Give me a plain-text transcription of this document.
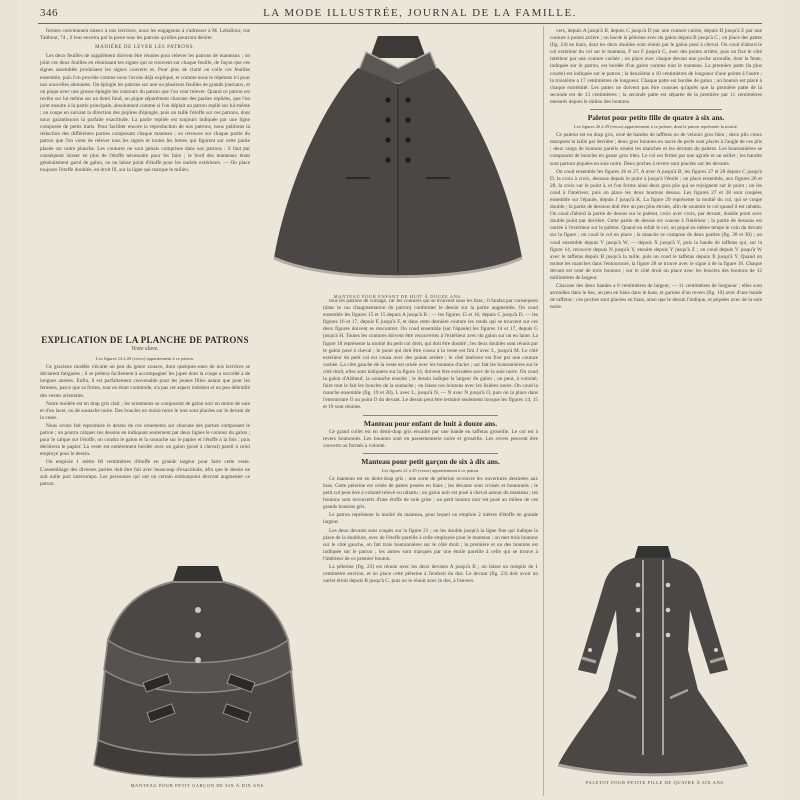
346	LA MODE ILLUSTRÉE, JOURNAL DE LA FAMILLE.

formes conviennent mieux à nos lectrices, nous les engageons à s'adresser à M. Leballour, rue Taitbout, 74 ; il leur enverra par la poste tous les patrons qu'elles pourront désirer.

MANIÈRE DE LEVER LES PATRONS.

Les deux feuilles de supplément doivent être réunies pour relever les patrons de manteaux ; on joint ces deux feuilles en réunissant les signes qui se trouvent sur chaque feuille, de façon que ces signes assemblés produisent les signes couverts et. Pour plus de clarté on colle ces feuilles ensemble, puis l'on procède comme nous l'avons déjà expliqué, et comme nous le répétons ici pour nos nouvelles abonnées. On épingle les patrons sur une ou plusieurs feuilles de grands journaux, et on pique avec une grosse épingle les contours du patron que l'on veut relever. Quand ce patron est revêtu sur lui-même sur un demi fond, on pique séparément chacune des parties repliées, que l'on joint ensuite à la partie principale, absolument comme si l'on déplait un patron replié sur lui-même ; on coupe en suivant la direction des piqûres d'épingle, puis on taille l'étoffe sur ces patrons, dont nous garantissons la parfaite exactitude. La partie repliée est toujours indiquée par une ligne composée de petits traits. Pour faciliter encore la reproduction de nos patrons, nous publions la réduction des différentes parties composant chaque manteau ; on retrouve sur chaque partie du patron que l'on vient de relever tous les signes et toutes les lettres qui figurent sur cette partie placée sur notre planche. Les coutures ne sont jamais comprises dans nos patrons : il faut par conséquent laisser en plus de l'étoffe nécessaire pour les faire ; le bord des manteaux étant généralement garni de galon, on ne laisse point d'étoffe pour les ourlets extérieurs. — On place toujours l'étoffe doublée, en droit fil, sur la ligne qui marque le milieu.

MANTEAU POUR ENFANT DE HUIT À DOUZE ANS.
EXPLICATION DE LA PLANCHE DE PATRONS
Veste slave.
Les figures 14 à 20 (verso) appartiennent à ce patron.

Ce gracieux modèle s'écarte un peu du genre zouave, dont quelques-unes de nos lectrices se déclarent fatiguées ; il se prêtera facilement à accompagner les jupes dont la coupe a succédé à de longues années. Enfin, il est parfaitement convenable pour les jeunes filles autant que pour les femmes, parce que sa forme, tout en étant commode, n'a pas cet aspect indolent et un peu débraillé des vestes orientales.

Notre modèle est en drap gris clair ; les ornements se composent de galon noir en moire de soie et d'un lacet, ou de soutache noire. Des boucles en moire noire le tout sont placées sur le devant de la veste.

Nous avons fait reproduire le dessin de ces ornements sur chacune des parties composant le patron ; on pourra calquer ces dessins en indiquant seulement par deux lignes le contour du galon ; pour le calque sur l'étoffe, on coudra le galon et la soutache sur le papier et l'étoffe à la fois ; puis déchirera le papier. La veste est entièrement bordée avec un galon (posé à cheval) pareil à celui employé pour le dessin.

On emploie 1 mètre 60 centimètres d'étoffe en grande largeur pour faire cette veste. L'assemblage des diverses parties doit être fait avec beaucoup d'exactitude, afin que le dessin ne soit nulle part interrompu. Les personnes qui ont un certain embonpoint devront augmenter ce patron.

MANTEAU POUR PETIT GARÇON DE SIX À DIX ANS.

tous les patrons de corsage, car les coutures qui se trouvent sous les bras ; il faudra par conséquent (dans le cas d'augmentation du patron) conformer le dessin sur la partie augmentée. On coud ensemble les figures 15 et 15 depuis A jusqu'à B ; — les figures 15 et 16, depuis C jusqu'à D, — les figures 16 et 17, depuis E jusqu'à F, et dans cette dernière couture les ronds qui se trouvent sur ces deux figures doivent se rencontrer. On coud ensemble (sur l'épaule) les figures 14 et 17, depuis G jusqu'à H. Toutes les coutures doivent être recouvertes à l'extérieur avec du galon sur un en laine. La figure 18 représente la moitié du petit col droit, qui doit être doublé ; les deux doubles sont réunis par le galon posé à cheval ; le point qui doit être cousu à la veste est fini J avec L, jusqu'à M. Le côté extérieur du petit col est cousu avec des points arrière ; le côté intérieur est fixé par une couture cachée. La côte gauche de la veste est ornée avec les boutons d'acier ; sur fait les boutonnières sur le côté droit, elles sont indiquées sur la figure 14, doivent être exécutées avec de la soie noire. On coud la galon d'Alsbeuf, la soutache ensuite ; le dessin indique la largeur du galon ; on peut, à volonté, faire tout le fait les boucles de la soutache ; on laisse ces boutons avec les lisières nores. On coud la manche ensemble (fig. 19 et 20), L avec L, jusqu'à N, — N avec N jusqu'à O, puis on la place dans l'entournure O au point O du devant. Le dessin peut être terminé seulement lorsque les figures 14, 15 et 19 sont réunies.

Manteau pour enfant de huit à douze ans.

Ce grand collet est en demi-drap gris encadré par une bande en taffetas groseille. Le col est à revers boutonnés. Les boutons sont en passementerie noire et groseille. Les revers peuvent être couverts ou formés à volonté.

Manteau pour petit garçon de six à dix ans.
Les figures 21 à 25 (verso) appartiennent à ce patron.

Ce manteau est en demi-drap gris ; une sorte de pèlerine recouvre les ouvertures destinées aux bras. Cette pèlerine est ornée de pattes posées en biais ; les devants sont croisés et boutonnés ; le petit col peut être à volonté relevé ou rabattu ; un galon noir est posé à cheval autour du manteau ; les boutons sont recouverts d'une étoffe de soie grise ; un petit bouton noir est posé au milieu de ces grands boutons gris.

Le patron représente la moitié du manteau, pour lequel on emploie 2 mètres d'étoffe en grande largeur.

Les deux devants sont coupés sur la figure 21 ; on les double jusqu'à la ligne fine qui indique la place de la doublure, avec de l'étoffe pareille à celle employée pour le manteau ; on met trois boutons sur le côté gauche, on fait trois boutonnières sur le côté droit ; la première et un des boutons est indiquée sur le patron ; les autres sont marqués par une étoile pareille à celle qui se trouve à l'intérieur de ce premier bouton.

La pèlerine (fig. 23) est réunie avec les deux devants A jusqu'à B ; on laisse un remplis de 1 centimètre environ, et on place cette pèlerine à l'endroit du dos. Le devant (fig. 23) doit avoir un ourlet étroit depuis B jusqu'à C, puis on le réunit avec le dos, à l'envers.

vers, depuis A jusqu'à B, depuis C jusqu'à D par une couture carrée, depuis D jusqu'à E par une couture à points arrière ; on borde la pèlerine avec du galon depuis B jusqu'à C ; on place des pattes (fig. 24) en biais, dont les deux doubles sont réunis par le galon posé à cheval. On coud d'abord le col extérieur du col sur le manteau, F sur F jusqu'à G, avec des points arrière, puis on fixe le côté intérieur par une couture cachée ; on place avec chaque devant une poche arrondie, dont la fente, indiquée sur le patron, est bordée d'un galon comme tout le manteau. La première patte (la plus courte) est indiquée sur le patron ; la deuxième a 10 centimètres de longueur d'une pointe à l'autre ; la troisième a 17 centimètres de longueur. Chaque patte est bordée de galon ; un bouton est placé à chaque extrémité. Les pattes ne doivent pas être cousues qu'après que la première patte de la seconde est de 13 centimètres ; la seconde patte est séparée de la première par 11 centimètres mesurés depuis le milieu des boutons.

Paletot pour petite fille de quatre à six ans.
Les figures 26 à 29 (verso) appartiennent à ce paletot, dont le patron représente la moitié.

Ce paletot est en drap gris, orné de bandes de taffetas ou de velours gros bleu ; deux plis creux marquent la taille par derrière ; deux gros boutons en nacre de perle sont placés à l'angle de ces plis ; deux rangs de boutons pareils ornent les manches et les devants du paletot. Les boutonnières se composent de boucles en ganse gros bleu. Le col est fermé par une agrafe et un œillet ; les bandes sont partout piquées en soie noire. Deux poches à revers sont placées sur les devants.

On coud ensemble les figures 26 et 27, A avec A jusqu'à B, les figures 27 et 28 depuis C jusqu'à D, la croix à croix, dessous depuis le point à jusqu'à l'étoile ; on place ensemble, aux figures 26 et 28, la croix sur le point à, et l'on forme ainsi deux gros plis qui se rejoignent sur le point ; on les coud à l'intérieur, puis on place les deux boutons dessus. Les figures 27 et 28 sont coupées ensemble sur l'épaule, depuis J jusqu'à K. La figure 29 représente la moitié du col, qui se coupe double ; la partie de dessous doit être un peu plus étroite, afin de soutenir le col quand il est rabattu. On coud d'abord la partie de dessus sur le paletot, croix avec croix, par devant, double point avec double point par derrière. Cette partie de dessus est cousue à l'intérieur ; la partie de dessous est ourlée à l'extérieur sur le paletot. Quand on refait le col, on piqué en même temps le coin du devant sur la figure ; on coud le col en place ; la manche se compose de deux parties (fig. 28 et 30) ; on coud ensemble depuis V jusqu'à W, — depuis X jusqu'à Y, puis la bande de taffetas qui, sur la figure 14, recouvre depuis N jusqu'à Y, ensuite depuis Y jusqu'à Z ; on coud depuis V jusqu'à W avec le taffetas depuis B jusqu'à la taille, puis on coud le taffetas depuis X jusqu'à Y. Quand on monte les manches dans l'entournure, la figure 28 se trouve avec le signe à de la figure 16. Chaque devant est orné de trois boutons ; sur le côté droit on place avec les boucles des boutons de 12 millimètres de largeur.

Chacune des deux bandes a 8 centimètres de largeur, — 11 centimètres de longueur ; elles sont arrondies dans le bas, un peu en biais dans le haut, et garnies d'un revers (fig. 10) avec d'une bande de taffetas ; ces poches sont placées en biais, ainsi que le dessin l'indique, et piquées avec de la soie noire.

PALETOT POUR PETITE FILLE DE QUATRE À SIX ANS.
